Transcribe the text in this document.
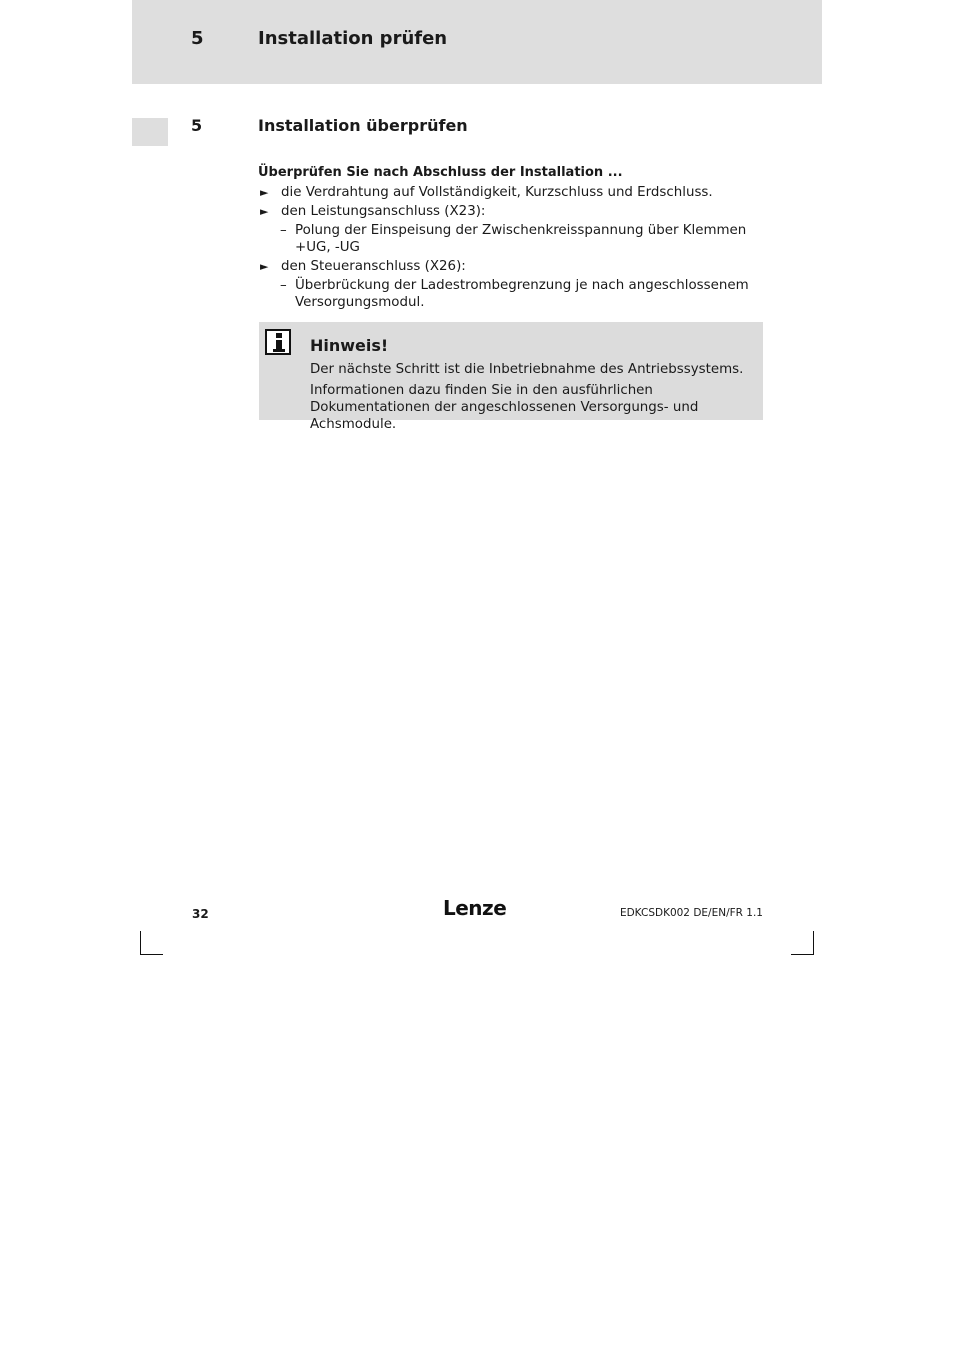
5	Installation prüfen
5	Installation überprüfen
Überprüfen Sie nach Abschluss der Installation ...
► die Verdrahtung auf Vollständigkeit, Kurzschluss und Erdschluss.
► den Leistungsanschluss (X23):
– Polung der Einspeisung der Zwischenkreisspannung über Klemmen +UG, -UG
► den Steueranschluss (X26):
– Überbrückung der Ladestrombegrenzung je nach angeschlossenem Versorgungsmodul.
Hinweis!

Der nächste Schritt ist die Inbetriebnahme des Antriebssystems.

Informationen dazu finden Sie in den ausführlichen Dokumentationen der angeschlossenen Versorgungs- und Achsmodule.

32	Lenze	EDKCSDK002 DE/EN/FR 1.1
